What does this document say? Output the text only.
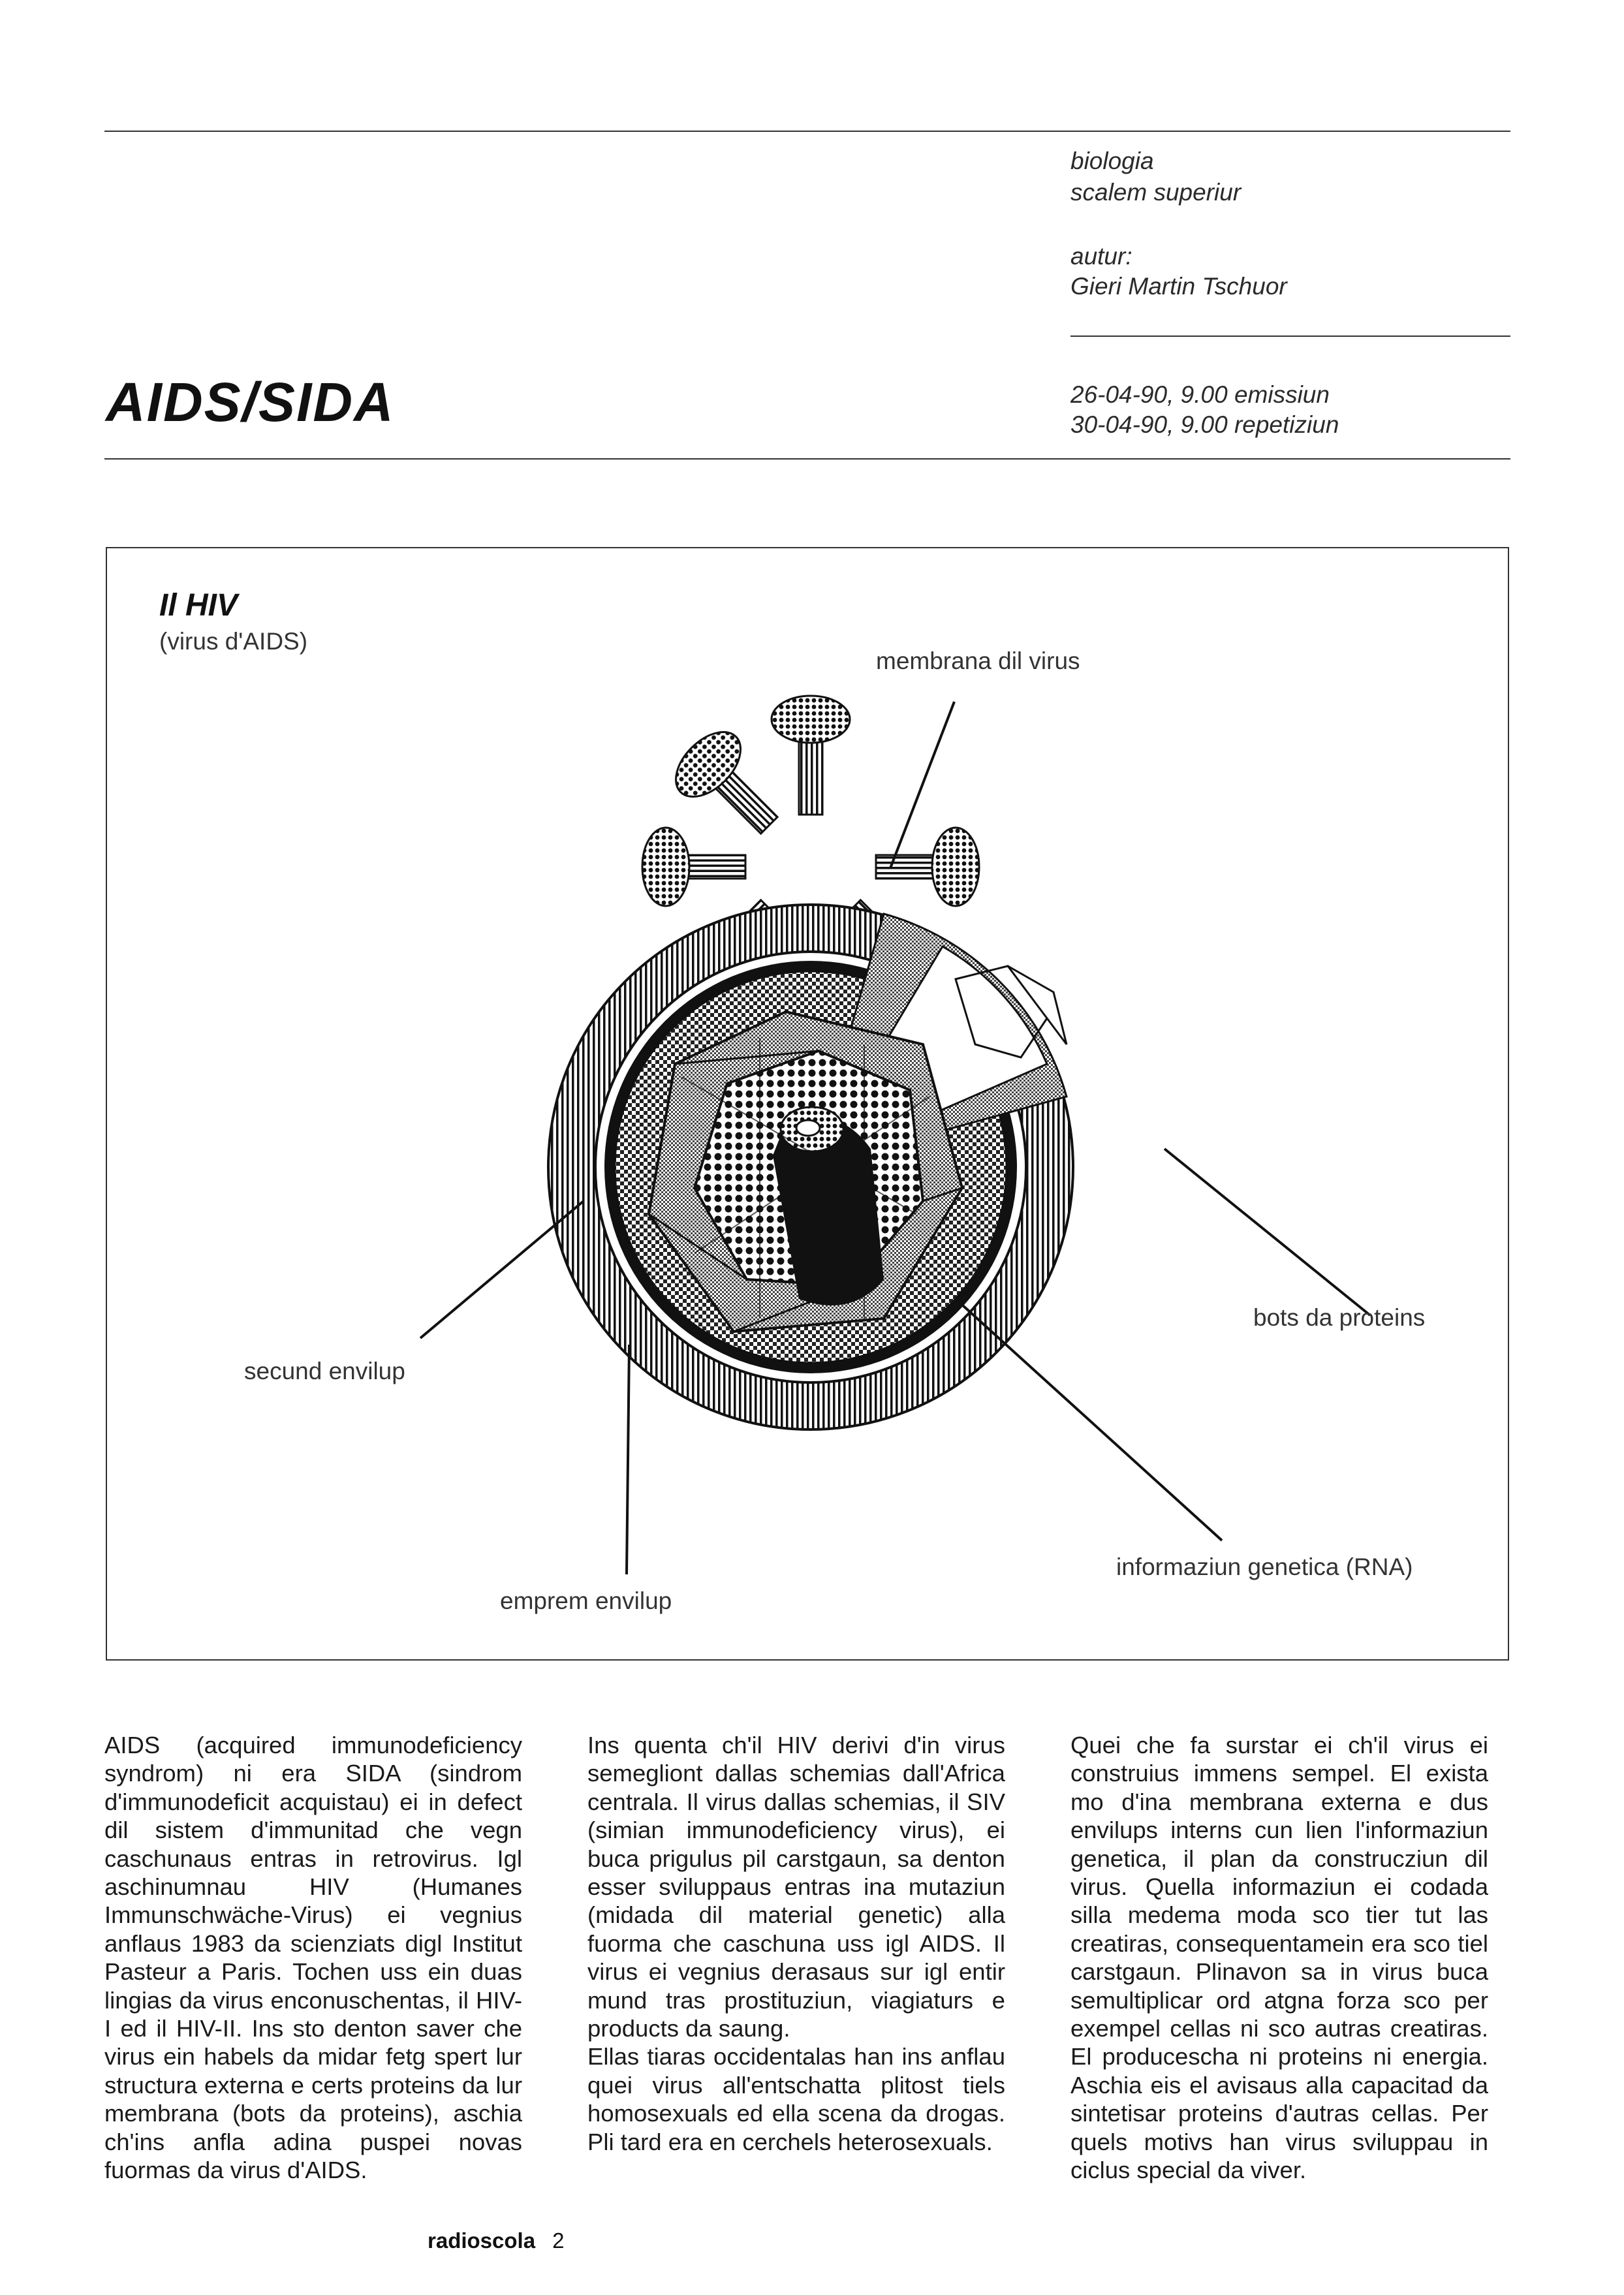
biologia
scalem superiur
autur:
Gieri Martin Tschuor
26-04-90, 9.00 emissiun
30-04-90, 9.00 repetiziun
AIDS/SIDA
Il HIV
(virus d'AIDS)
membrana dil virus
bots da proteins
secund envilup
emprem envilup
informaziun genetica (RNA)

AIDS (acquired immunodeficiency syndrom) ni era SIDA (sindrom d'immunodeficit acquistau) ei in defect dil sistem d'immunitad che vegn caschunaus entras in retrovirus. Igl aschinumnau HIV (Humanes Immunschwäche-Virus) ei vegnius anflaus 1983 da scienziats digl Institut Pasteur a Paris. Tochen uss ein duas lingias da virus enconuschentas, il HIV-I ed il HIV-II. Ins sto denton saver che virus ein habels da midar fetg spert lur structura externa e certs proteins da lur membrana (bots da proteins), aschia ch'ins anfla adina puspei novas fuormas da virus d'AIDS.

Ins quenta ch'il HIV derivi d'in virus semegliont dallas schemias dall'Africa centrala. Il virus dallas schemias, il SIV (simian immunodeficiency virus), ei buca prigulus pil carstgaun, sa denton esser sviluppaus entras ina mutaziun (midada dil material genetic) alla fuorma che caschuna uss igl AIDS. Il virus ei vegnius derasaus sur igl entir mund tras prostituziun, viagiaturs e products da saung.

Ellas tiaras occidentalas han ins anflau quei virus all'entschatta plitost tiels homosexuals ed ella scena da drogas. Pli tard era en cerchels heterosexuals.

Quei che fa surstar ei ch'il virus ei construius immens sempel. El exista mo d'ina membrana externa e dus envilups interns cun lien l'informaziun genetica, il plan da construcziun dil virus. Quella informaziun ei codada silla medema moda sco tier tut las creatiras, consequentamein era sco tiel carstgaun. Plinavon sa in virus buca semultiplicar ord atgna forza sco per exempel cellas ni sco autras creatiras. El producescha ni proteins ni energia. Aschia eis el avisaus alla capacitad da sintetisar proteins d'autras cellas. Per quels motivs han virus sviluppau in ciclus special da viver.

radioscola 2
